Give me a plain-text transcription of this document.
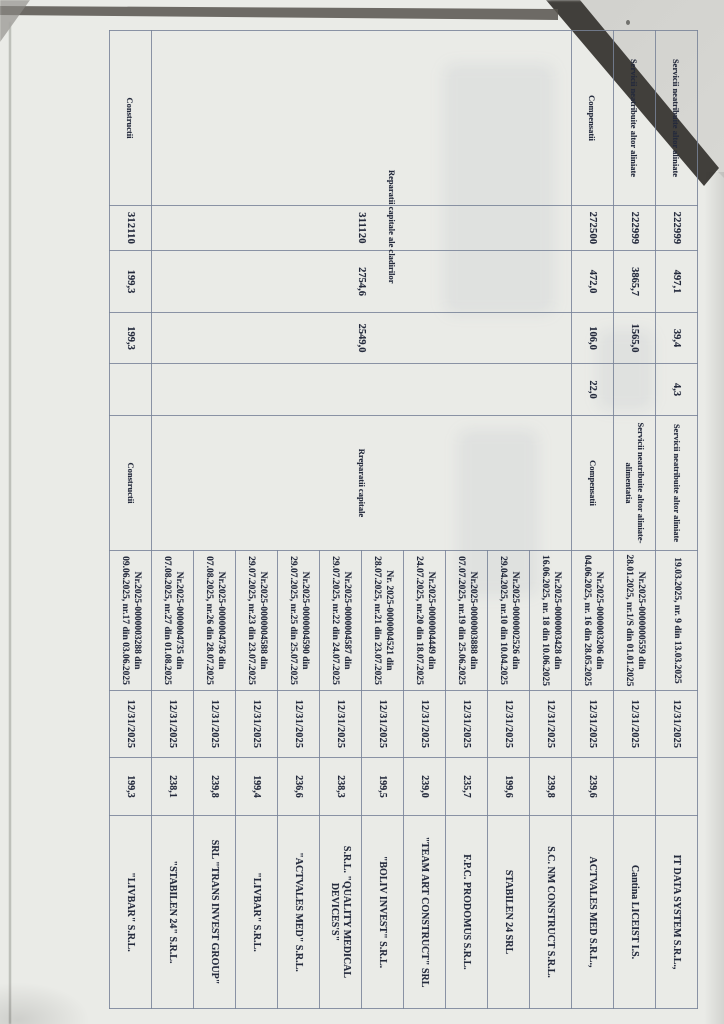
Reparatii capitale ale cladirilor
Servicii neatribuite altor aliniate	222999	497,1	39,4	4,3	Servicii neatribuite altor aliniate	19.03.2025, nr. 9 din 13.03.2025	12/31/2025		IT DATA SYSTEM S.R.L.,
Servicii neatribuite altor aliniate	222999	3865,7	1565,0		Servicii neatribuite altor aliniate- alimentatia	Nr.2025-0000000559 din 28.01.2025, nr.1/S din 01.01.2025	12/31/2025		Cantina LICEIST I.S.
Compensatii	272500	472,0	106,0	22,0	Compensatii	Nr.2025-0000003206 din 04.06.2025, nr. 16 din 28.05.2025	12/31/2025	239,6	ACTVALES MED S.R.L.,
	311120	2754,6	2549,0		Rreparatii capitale	Nr.2025-0000003428 din 16.06.2025, nr. 18 din 10.06.2025	12/31/2025	239,8	S.C. NM CONSTRUCT S.R.L.
						Nr.2025-0000002526 din 29.04.2025, nr.10 din 10.04.2025	12/31/2025	199,6	STABILEN 24 SRL
						Nr.2025-0000003888 din 07.07.2025, nr.19 din 25.06.2025	12/31/2025	235,7	F.P.C. PRODOMUS S.R.L.
						Nr.2025-0000004449 din 24.07.2025, nr.20 din 18.07.2025	12/31/2025	239,0	"TEAM ART CONSTRUCT" SRL
						Nr. 2025-0000004521 din 28.07.2025, nr.21 din 23.07.2025	12/31/2025	199,5	"BOLIV INVEST" S.R.L.
						Nr.2025-0000004587 din 29.07.2025, nr.22 din 24.07.2025	12/31/2025	238,3	S.R.L. "QUALITY MEDICAL DEVICES'S"
						Nr.2025-0000004590 din 29.07.2025, nr.25 din 25.07.2025	12/31/2025	236,6	"ACTVALES MED" S.R.L.
						Nr.2025-0000004588 din 29.07.2025, nr.23 din 23.07.2025	12/31/2025	199,4	"LIVBAR" S.R.L.
						Nr.2025-0000004736 din 07.08.2025, nr.26 din 28.07.2025	12/31/2025	239,8	SRL "TRANS INVEST GROUP"
						Nr.2025-0000004735 din 07.08.2025, nr.27 din 01.08.2025	12/31/2025	238,1	"STABILEN 24" S.R.L.
Constructii	312110	199,3	199,3		Constructii	Nr.2025-0000003288 din 09.06.2025, nr.17 din 03.06.2025	12/31/2025	199,3	"LIVBAR" S.R.L.
